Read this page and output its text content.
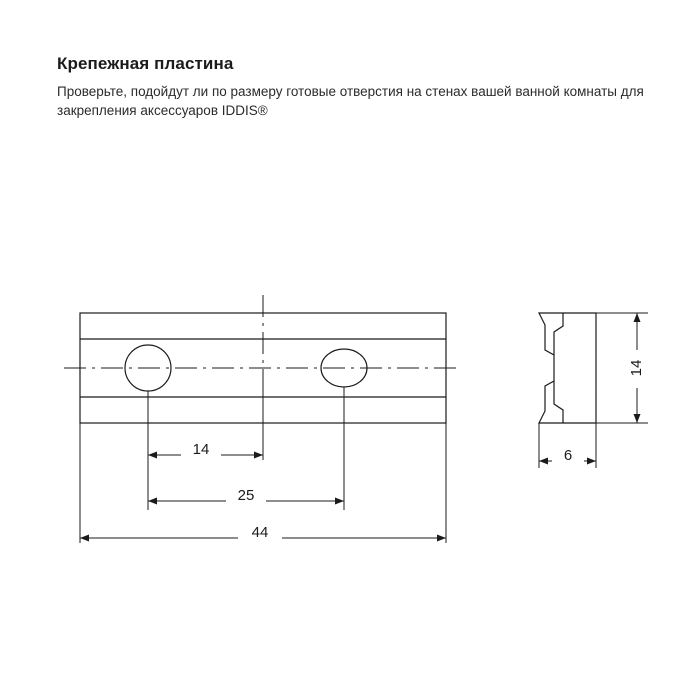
Крепежная пластина
Проверьте, подойдут ли по размеру готовые отверстия на стенах вашей ванной комнаты для закрепления аксессуаров IDDIS®
14
25
44
14
6
